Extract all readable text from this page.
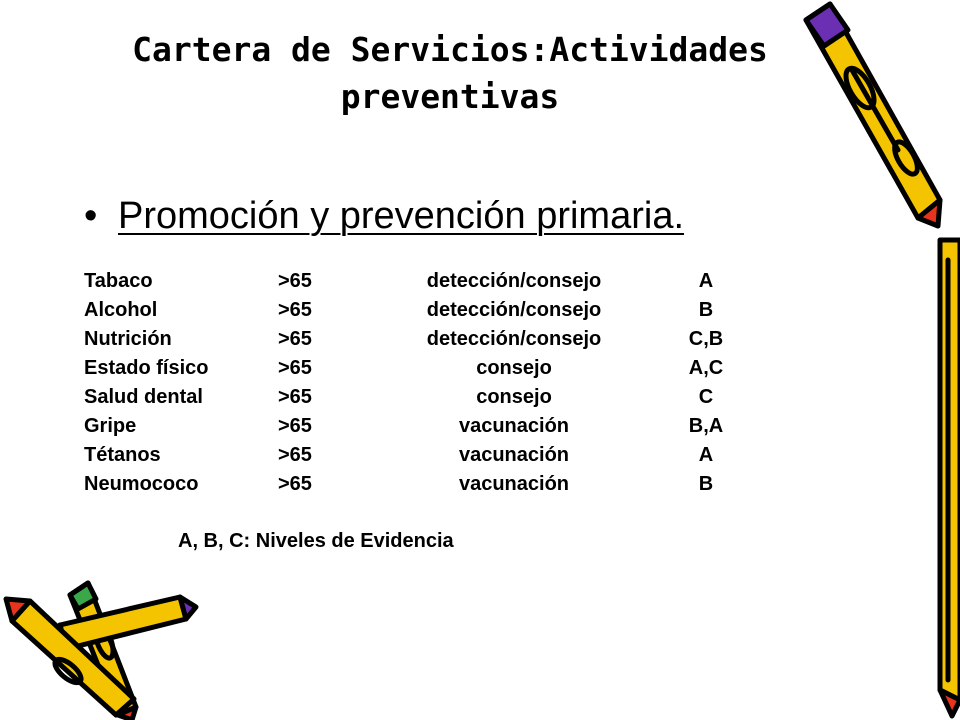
Cartera de Servicios:Actividades
preventivas
• Promoción y prevención primaria.
Tabaco	>65	detección/consejo	A
Alcohol	>65	detección/consejo	B
Nutrición	>65	detección/consejo	C,B
Estado físico	>65	consejo	A,C
Salud dental	>65	consejo	C
Gripe	>65	vacunación	B,A
Tétanos	>65	vacunación	A
Neumococo	>65	vacunación	B
A, B, C: Niveles de Evidencia
